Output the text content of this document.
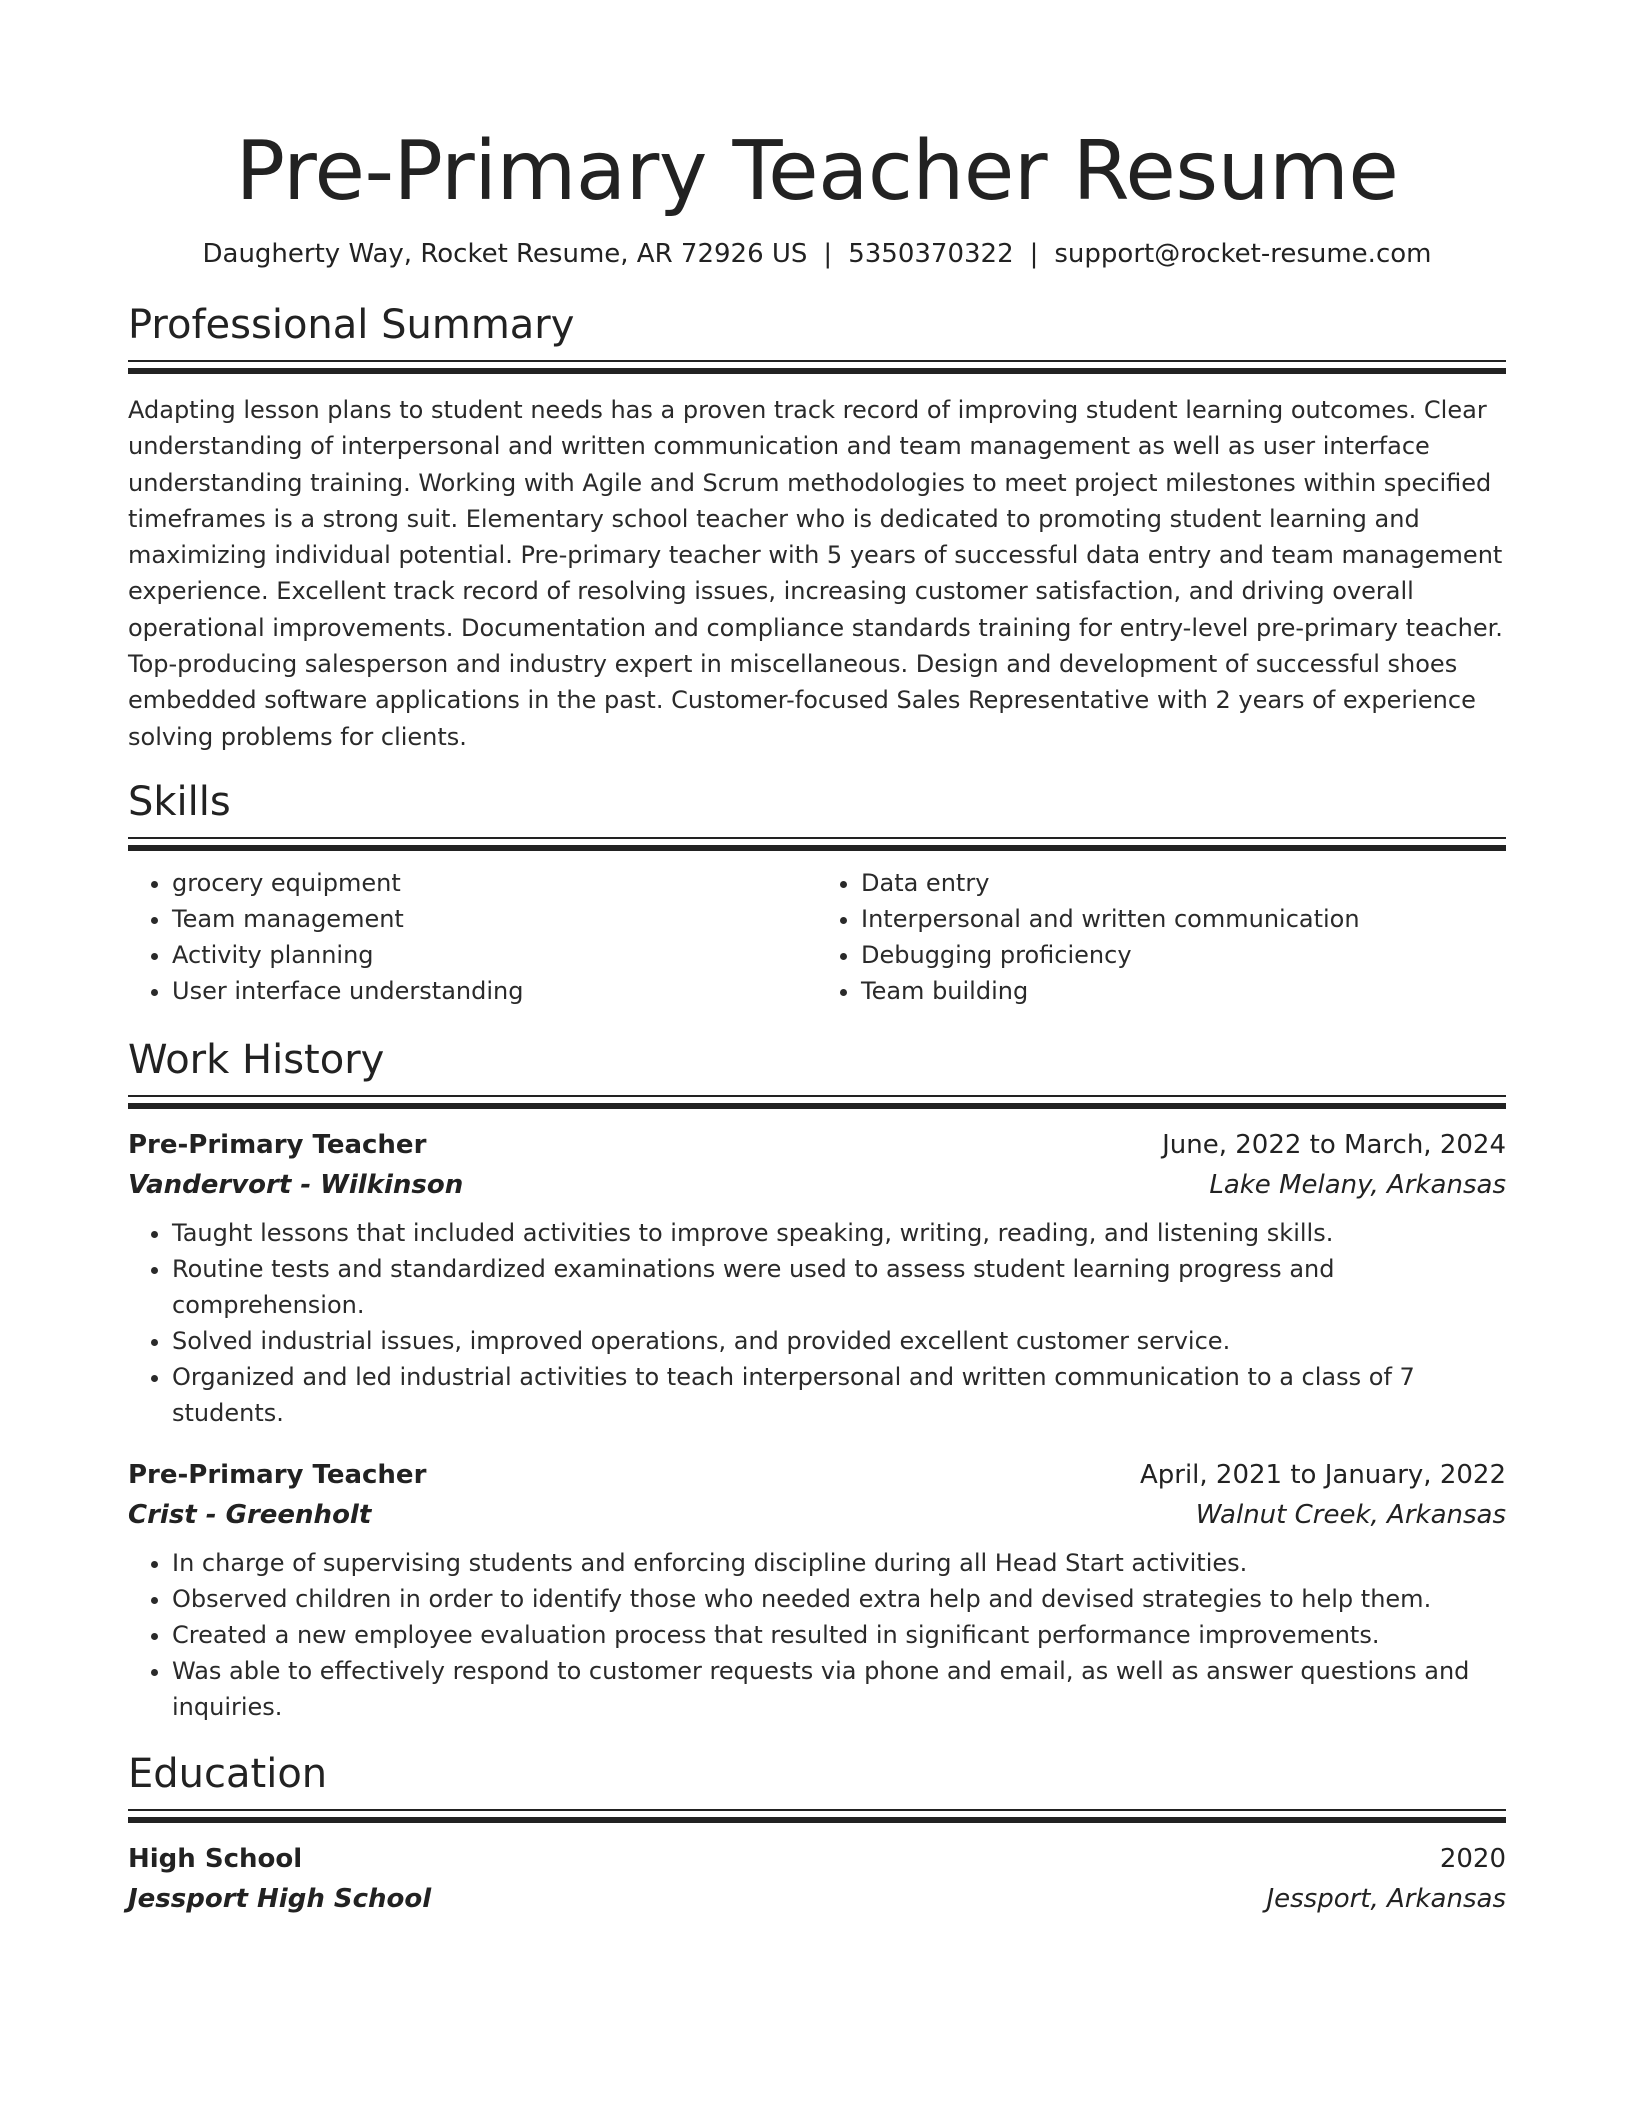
Pre-Primary Teacher Resume
Daugherty Way, Rocket Resume, AR 72926 US | 5350370322 | support@rocket-resume.com
Professional Summary

Adapting lesson plans to student needs has a proven track record of improving student learning outcomes. Clear understanding of interpersonal and written communication and team management as well as user interface understanding training. Working with Agile and Scrum methodologies to meet project milestones within specified timeframes is a strong suit. Elementary school teacher who is dedicated to promoting student learning and maximizing individual potential. Pre-primary teacher with 5 years of successful data entry and team management experience. Excellent track record of resolving issues, increasing customer satisfaction, and driving overall operational improvements. Documentation and compliance standards training for entry-level pre-primary teacher. Top-producing salesperson and industry expert in miscellaneous. Design and development of successful shoes embedded software applications in the past. Customer-focused Sales Representative with 2 years of experience solving problems for clients.

Skills
• grocery equipment
• Team management
• Activity planning
• User interface understanding
• Data entry
• Interpersonal and written communication
• Debugging proficiency
• Team building
Work History
Pre-Primary Teacher	June, 2022 to March, 2024
Vandervort - Wilkinson	Lake Melany, Arkansas
• Taught lessons that included activities to improve speaking, writing, reading, and listening skills.
• Routine tests and standardized examinations were used to assess student learning progress and comprehension.
• Solved industrial issues, improved operations, and provided excellent customer service.
• Organized and led industrial activities to teach interpersonal and written communication to a class of 7 students.
Pre-Primary Teacher	April, 2021 to January, 2022
Crist - Greenholt	Walnut Creek, Arkansas
• In charge of supervising students and enforcing discipline during all Head Start activities.
• Observed children in order to identify those who needed extra help and devised strategies to help them.
• Created a new employee evaluation process that resulted in significant performance improvements.
• Was able to effectively respond to customer requests via phone and email, as well as answer questions and inquiries.
Education
High School	2020
Jessport High School	Jessport, Arkansas
